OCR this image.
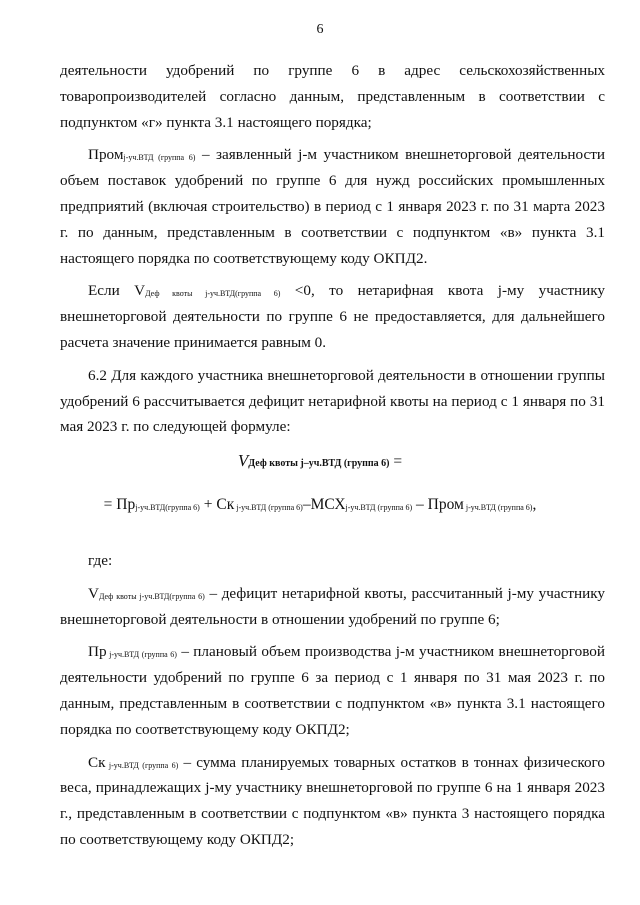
6

деятельности удобрений по группе 6 в адрес сельскохозяйственных товаропроизводителей согласно данным, представленным в соответствии с подпунктом «г» пункта 3.1 настоящего порядка;

Пром$_{j-уч.ВТД (группа 6)}$ – заявленный j-м участником внешнеторговой деятельности объем поставок удобрений по группе 6 для нужд российских промышленных предприятий (включая строительство) в период с 1 января 2023 г. по 31 марта 2023 г. по данным, представленным в соответствии с подпунктом «в» пункта 3.1 настоящего порядка по соответствующему коду ОКПД2.

Если $V_{Деф квоты j-уч.ВТД(группа 6)} <0$, то нетарифная квота j-му участнику внешнеторговой деятельности по группе 6 не предоставляется, для дальнейшего расчета значение принимается равным 0.

6.2 Для каждого участника внешнеторговой деятельности в отношении группы удобрений 6 рассчитывается дефицит нетарифной квоты на период с 1 января по 31 мая 2023 г. по следующей формуле:

VДеф квоты j–уч.ВТД (группа 6) =
= $Пр_{j-уч.ВТД(группа 6)}$ + Ск $_{j-уч.ВТД (группа 6)}-МСХ_{j-уч.ВТД (группа 6)}$ – Пром $_{j-уч.ВТД (группа 6)}$,

где:

$V_{Деф квоты j-уч.ВТД(группа 6)}$ – дефицит нетарифной квоты, рассчитанный j-му участнику внешнеторговой деятельности в отношении удобрений по группе 6;

Пр $_{j-уч.ВТД (группа 6)}$ – плановый объем производства j-м участником внешнеторговой деятельности удобрений по группе 6 за период с 1 января по 31 мая 2023 г. по данным, представленным в соответствии с подпунктом «в» пункта 3.1 настоящего порядка по соответствующему коду ОКПД2;

Ск $_{j-уч.ВТД (группа 6)}$ – сумма планируемых товарных остатков в тоннах физического веса, принадлежащих j-му участнику внешнеторговой по группе 6 на 1 января 2023 г., представленным в соответствии с подпунктом «в» пункта 3 настоящего порядка по соответствующему коду ОКПД2;
